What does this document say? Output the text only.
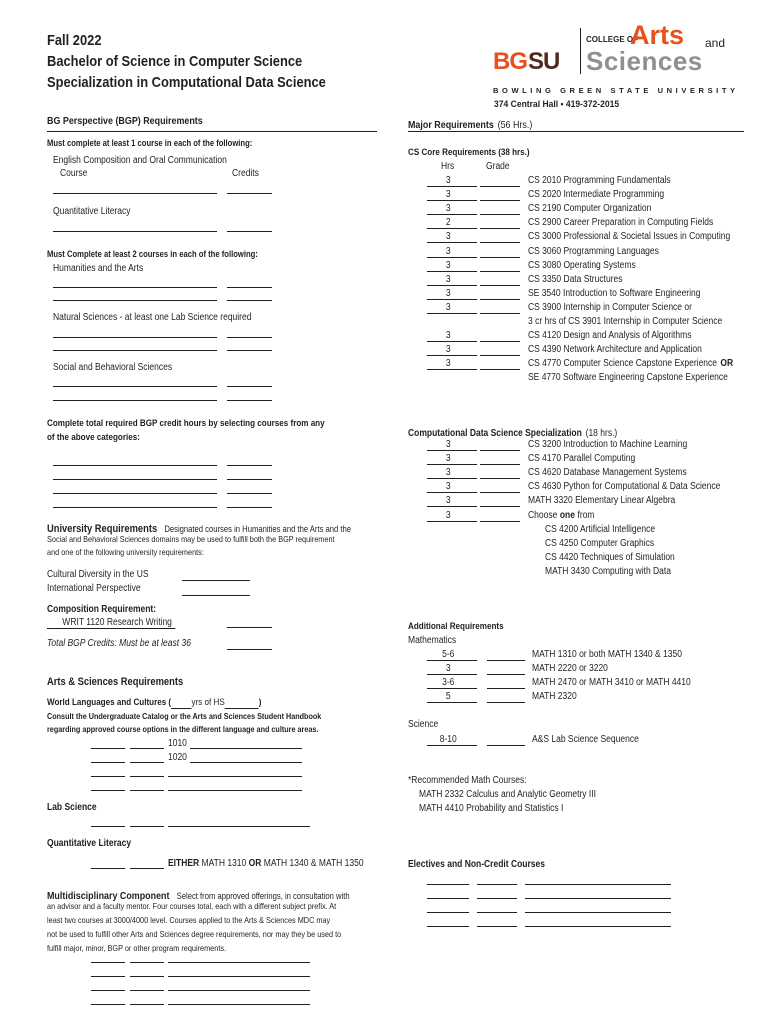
Fall 2022
Bachelor of Science in Computer Science
Specialization in Computational Data Science
BG SU
COLLEGE OF
Arts and
Sciences
BOWLING GREEN STATE UNIVERSITY
374 Central Hall • 419-372-2015
BG Perspective (BGP) Requirements
Must complete at least 1 course in each of the following:
English Composition and Oral Communication
Course	Credits
Quantitative Literacy
Must Complete at least 2 courses in each of the following:
Humanities and the Arts
Natural Sciences - at least one Lab Science required
Social and Behavioral Sciences
Complete total required BGP credit hours by selecting courses from any
of the above categories:
University Requirements Designated courses in Humanities and the Arts and the
Social and Behavioral Sciences domains may be used to fulfill both the BGP requirement
and one of the following university requirements:
Cultural Diversity in the US
International Perspective
Composition Requirement:
WRIT 1120 Research Writing
Total BGP Credits: Must be at least 36
Arts & Sciences Requirements
World Languages and Cultures ( yrs of HS	)
Consult the Undergraduate Catalog or the Arts and Sciences Student Handbook
regarding approved course options in the different language and culture areas.
1010
1020
Lab Science
Quantitative Literacy
EITHER MATH 1310 OR MATH 1340 & MATH 1350
Multidisciplinary Component Select from approved offerings, in consultation with
an advisor and a faculty mentor. Four courses total, each with a different subject prefix. At
least two courses at 3000/4000 level. Courses applied to the Arts & Sciences MDC may
not be used to fulfill other Arts and Sciences degree requirements, nor may they be used to
fulfill major, minor, BGP or other program requirements.
Major Requirements (56 Hrs.)
CS Core Requirements (38 hrs.)
Hrs	Grade
3	CS 2010 Programming Fundamentals
3	CS 2020 Intermediate Programming
3	CS 2190 Computer Organization
2	CS 2900 Career Preparation in Computing Fields
3	CS 3000 Professional & Societal Issues in Computing
3	CS 3060 Programming Languages
3	CS 3080 Operating Systems
3	CS 3350 Data Structures
3	SE 3540 Introduction to Software Engineering
3	CS 3900 Internship in Computer Science or
3 cr hrs of CS 3901 Internship in Computer Science
3	CS 4120 Design and Analysis of Algorithms
3	CS 4390 Network Architecture and Application
3	CS 4770 Computer Science Capstone Experience OR
SE 4770 Software Engineering Capstone Experience
Computational Data Science Specialization (18 hrs.)
3	CS 3200 Introduction to Machine Learning
3	CS 4170 Parallel Computing
3	CS 4620 Database Management Systems
3	CS 4630 Python for Computational & Data Science
3	MATH 3320 Elementary Linear Algebra
3	Choose one from
CS 4200 Artificial Intelligence
CS 4250 Computer Graphics
CS 4420 Techniques of Simulation
MATH 3430 Computing with Data
Additional Requirements
Mathematics
5-6	MATH 1310 or both MATH 1340 & 1350
3	MATH 2220 or 3220
3-6	MATH 2470 or MATH 3410 or MATH 4410
5	MATH 2320
Science
8-10	A&S Lab Science Sequence
*Recommended Math Courses:
MATH 2332 Calculus and Analytic Geometry III
MATH 4410 Probability and Statistics I
Electives and Non-Credit Courses
